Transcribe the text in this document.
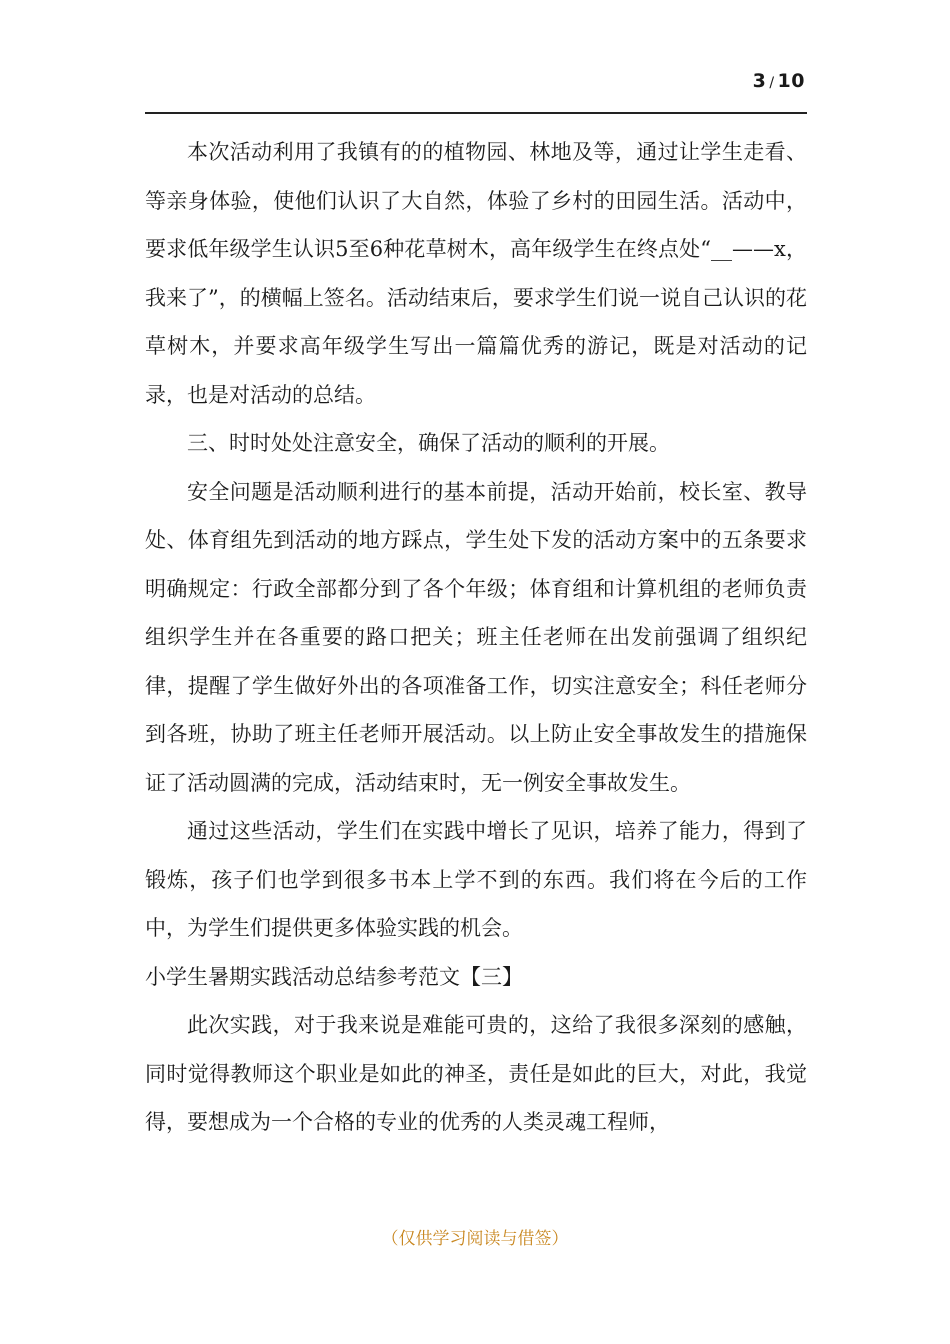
3 / 10

本次活动利用了我镇有的的植物园、林地及等，通过让学生走看、等亲身体验，使他们认识了大自然，体验了乡村的田园生活。活动中，要求低年级学生认识5至6种花草树木，高年级学生在终点处“__——x，我来了”，的横幅上签名。活动结束后，要求学生们说一说自己认识的花草树木，并要求高年级学生写出一篇篇优秀的游记，既是对活动的记录，也是对活动的总结。

三、时时处处注意安全，确保了活动的顺利的开展。

安全问题是活动顺利进行的基本前提，活动开始前，校长室、教导处、体育组先到活动的地方踩点，学生处下发的活动方案中的五条要求明确规定：行政全部都分到了各个年级；体育组和计算机组的老师负责组织学生并在各重要的路口把关；班主任老师在出发前强调了组织纪律，提醒了学生做好外出的各项准备工作，切实注意安全；科任老师分到各班，协助了班主任老师开展活动。以上防止安全事故发生的措施保证了活动圆满的完成，活动结束时，无一例安全事故发生。

通过这些活动，学生们在实践中增长了见识，培养了能力，得到了锻炼，孩子们也学到很多书本上学不到的东西。我们将在今后的工作中，为学生们提供更多体验实践的机会。

小学生暑期实践活动总结参考范文【三】

此次实践，对于我来说是难能可贵的，这给了我很多深刻的感触，同时觉得教师这个职业是如此的神圣，责任是如此的巨大，对此，我觉得，要想成为一个合格的专业的优秀的人类灵魂工程师，

（仅供学习阅读与借签）
